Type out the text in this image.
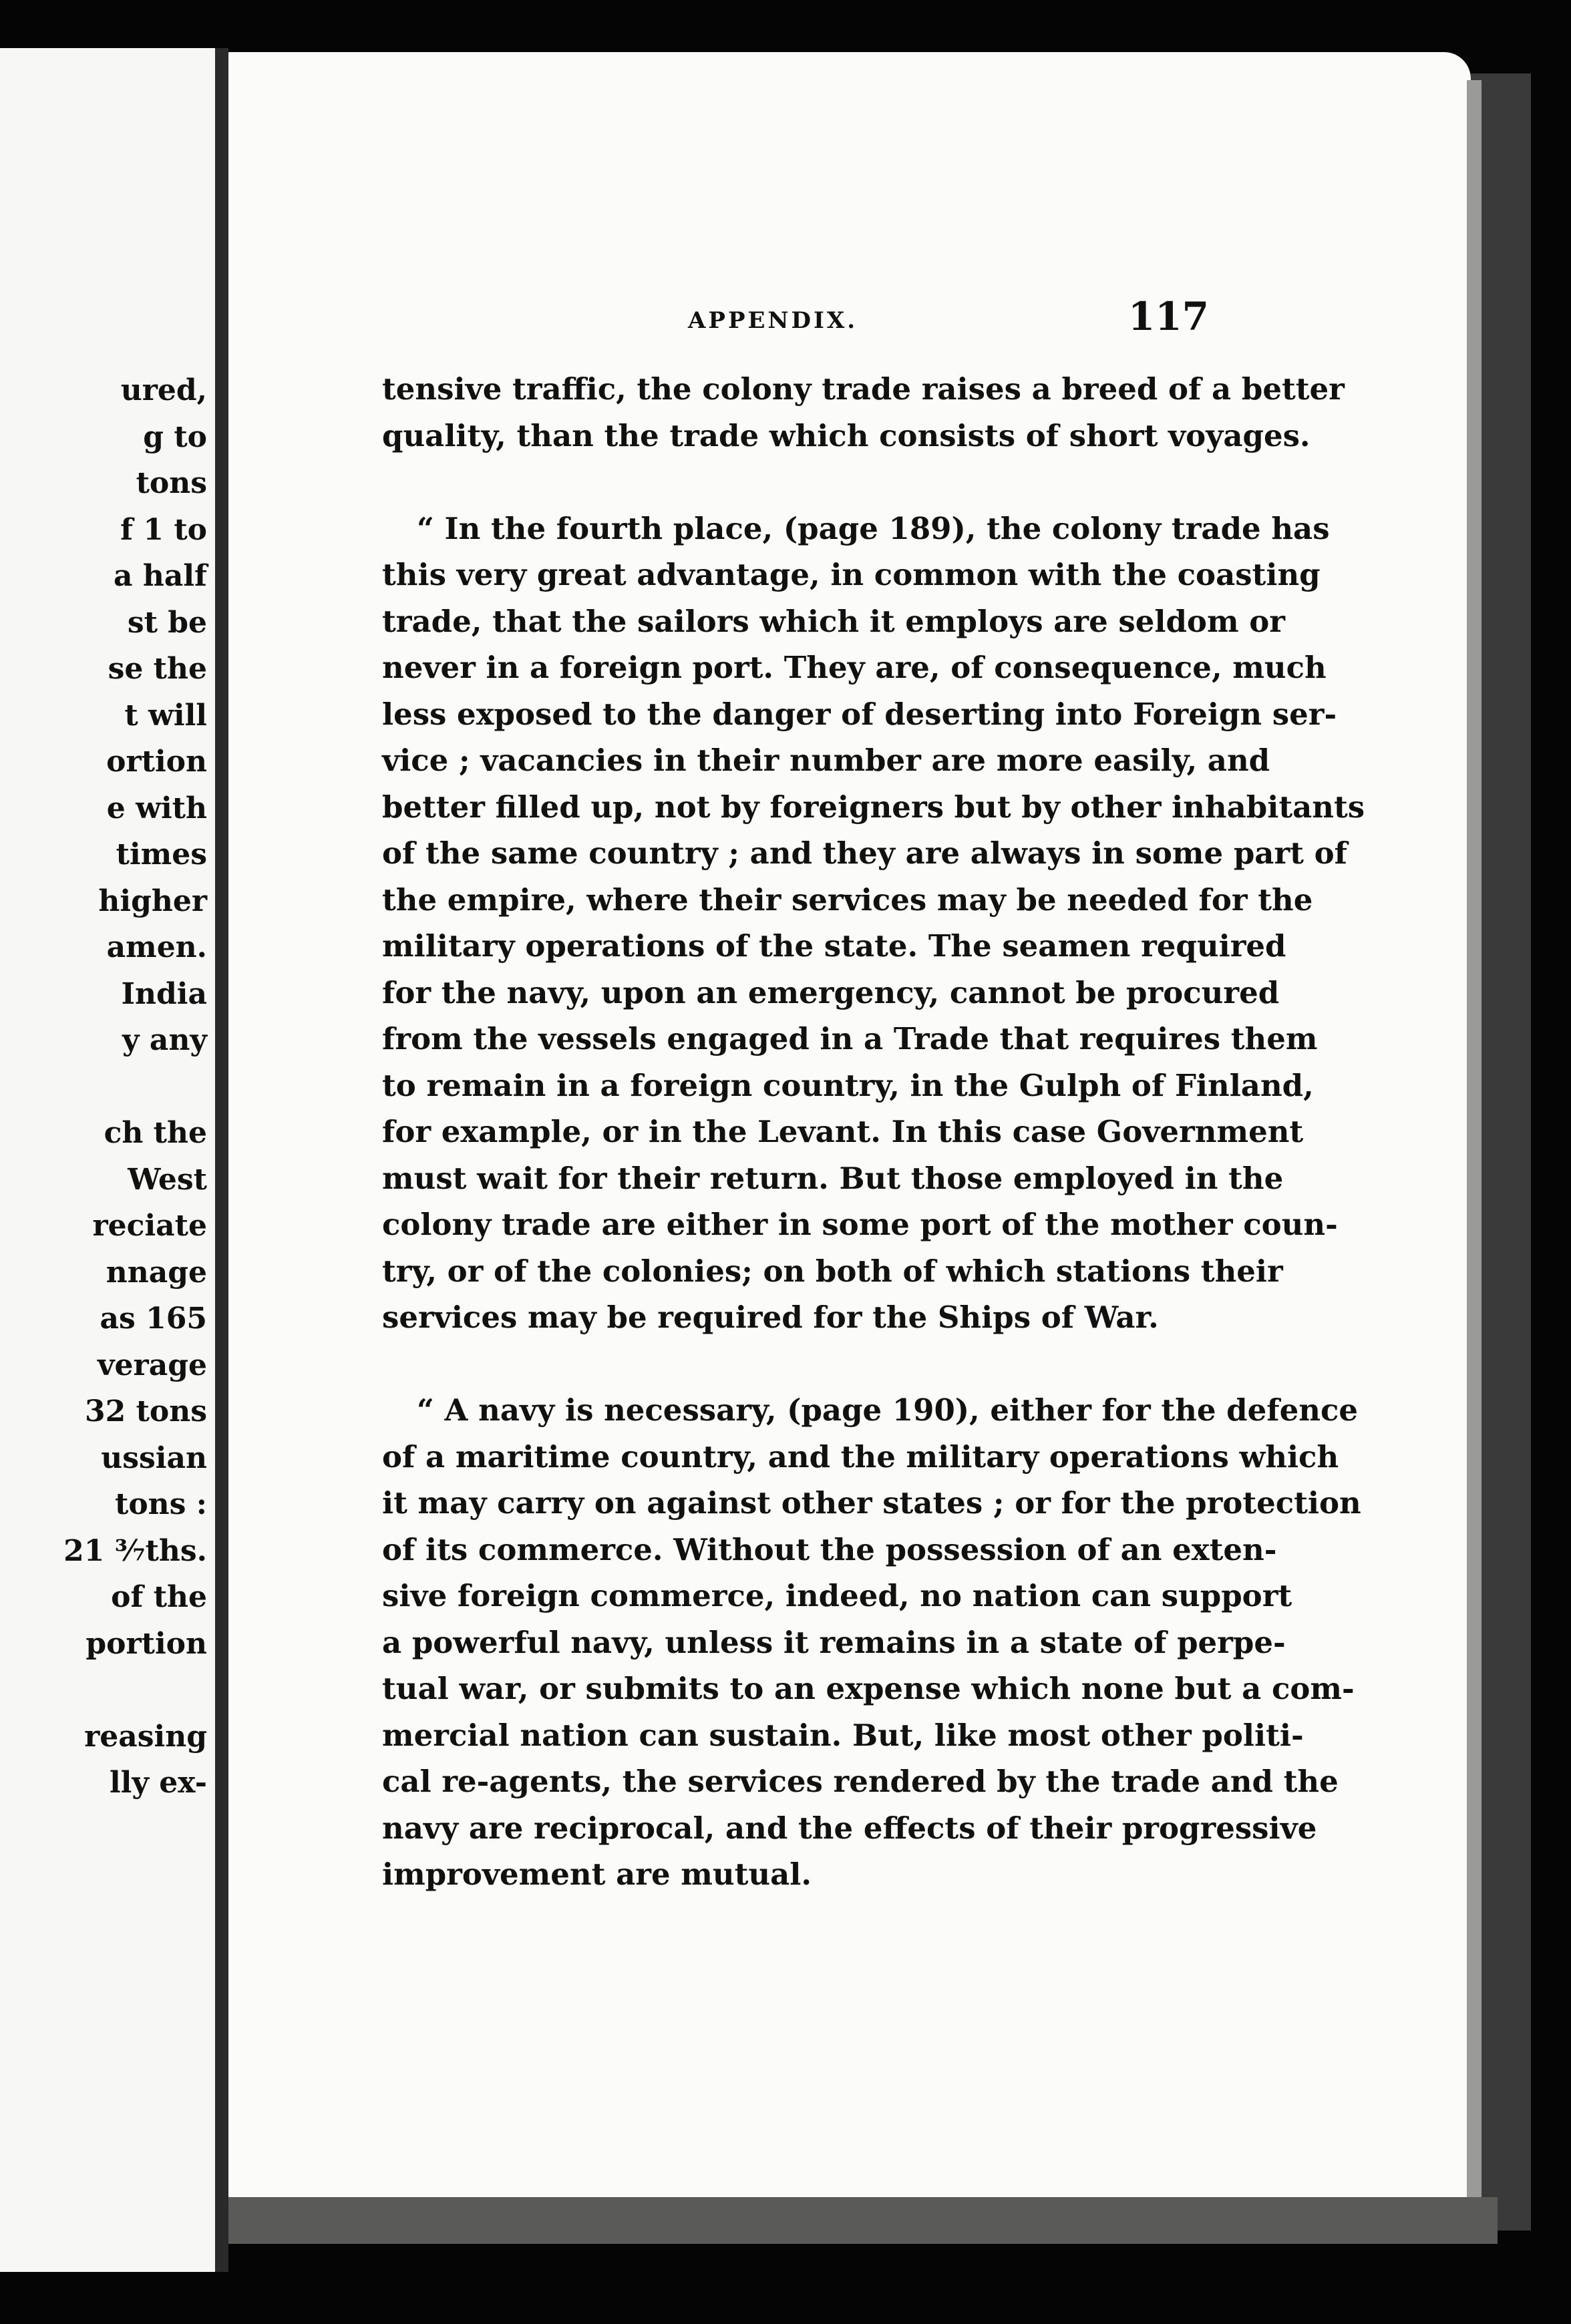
ured,
g to
tons
f 1 to
a half
st be
se the
t will
ortion
e with
times
higher
amen.
India
y any
ch the
West
reciate
nnage
as 165
verage
32 tons
ussian
tons :
21 ³⁄₇ths.
of the
portion
reasing
lly ex-
APPENDIX.	117
tensive traffic, the colony trade raises a breed of a better
quality, than the trade which consists of short voyages.
“ In the fourth place, (page 189), the colony trade has
this very great advantage, in common with the coasting
trade, that the sailors which it employs are seldom or
never in a foreign port. They are, of consequence, much
less exposed to the danger of deserting into Foreign ser-
vice ; vacancies in their number are more easily, and
better filled up, not by foreigners but by other inhabitants
of the same country ; and they are always in some part of
the empire, where their services may be needed for the
military operations of the state. The seamen required
for the navy, upon an emergency, cannot be procured
from the vessels engaged in a Trade that requires them
to remain in a foreign country, in the Gulph of Finland,
for example, or in the Levant. In this case Government
must wait for their return. But those employed in the
colony trade are either in some port of the mother coun-
try, or of the colonies; on both of which stations their
services may be required for the Ships of War.
“ A navy is necessary, (page 190), either for the defence
of a maritime country, and the military operations which
it may carry on against other states ; or for the protection
of its commerce. Without the possession of an exten-
sive foreign commerce, indeed, no nation can support
a powerful navy, unless it remains in a state of perpe-
tual war, or submits to an expense which none but a com-
mercial nation can sustain. But, like most other politi-
cal re-agents, the services rendered by the trade and the
navy are reciprocal, and the effects of their progressive
improvement are mutual.
